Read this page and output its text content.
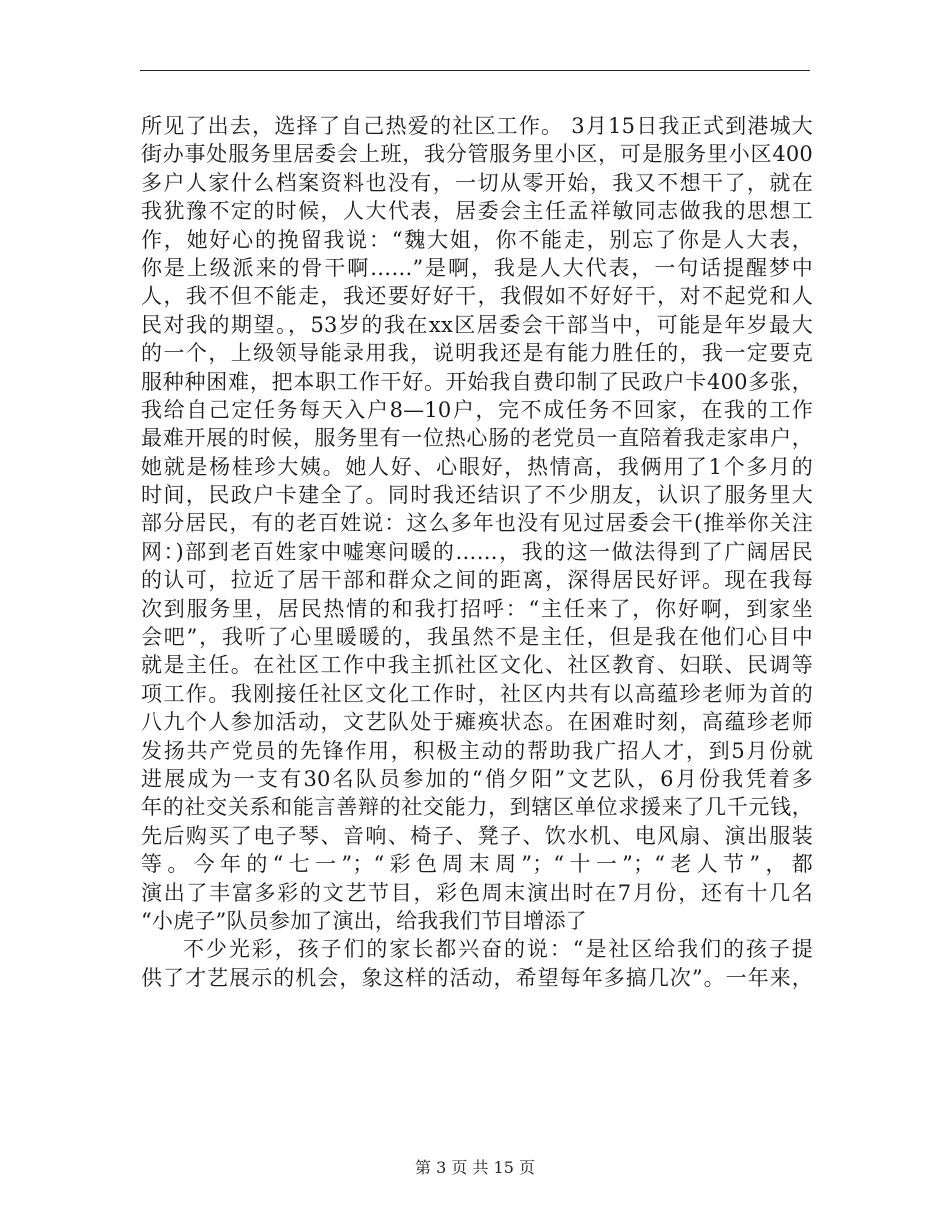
所见了出去，选择了自己热爱的社区工作。 3月15日我正式到港城大
街办事处服务里居委会上班，我分管服务里小区，可是服务里小区400
多户人家什么档案资料也没有，一切从零开始，我又不想干了，就在
我犹豫不定的时候，人大代表，居委会主任孟祥敏同志做我的思想工
作，她好心的挽留我说：“魏大姐，你不能走，别忘了你是人大表，
你是上级派来的骨干啊……”是啊，我是人大代表，一句话提醒梦中
人，我不但不能走，我还要好好干，我假如不好好干，对不起党和人
民对我的期望。，53岁的我在xx区居委会干部当中，可能是年岁最大
的一个，上级领导能录用我，说明我还是有能力胜任的，我一定要克
服种种困难，把本职工作干好。开始我自费印制了民政户卡400多张，
我给自己定任务每天入户8—10户，完不成任务不回家，在我的工作
最难开展的时候，服务里有一位热心肠的老党员一直陪着我走家串户，
她就是杨桂珍大姨。她人好、心眼好，热情高，我俩用了1个多月的
时间，民政户卡建全了。同时我还结识了不少朋友，认识了服务里大
部分居民，有的老百姓说：这么多年也没有见过居委会干(推举你关注
网：)部到老百姓家中嘘寒问暖的……，我的这一做法得到了广阔居民
的认可，拉近了居干部和群众之间的距离，深得居民好评。现在我每
次到服务里，居民热情的和我打招呼：“主任来了，你好啊，到家坐
会吧”，我听了心里暖暖的，我虽然不是主任，但是我在他们心目中
就是主任。在社区工作中我主抓社区文化、社区教育、妇联、民调等
项工作。我刚接任社区文化工作时，社区内共有以高蕴珍老师为首的
八九个人参加活动，文艺队处于瘫痪状态。在困难时刻，高蕴珍老师
发扬共产党员的先锋作用，积极主动的帮助我广招人才，到5月份就
进展成为一支有30名队员参加的“俏夕阳”文艺队，6月份我凭着多
年的社交关系和能言善辩的社交能力，到辖区单位求援来了几千元钱，
先后购买了电子琴、音响、椅子、凳子、饮水机、电风扇、演出服装
等。今年的“七一”；“彩色周末周”；“十一”；“老人节”，都
演出了丰富多彩的文艺节目，彩色周末演出时在7月份，还有十几名
“小虎子”队员参加了演出，给我我们节目增添了
不少光彩，孩子们的家长都兴奋的说：“是社区给我们的孩子提
供了才艺展示的机会，象这样的活动，希望每年多搞几次”。一年来，
第 3 页 共 15 页
